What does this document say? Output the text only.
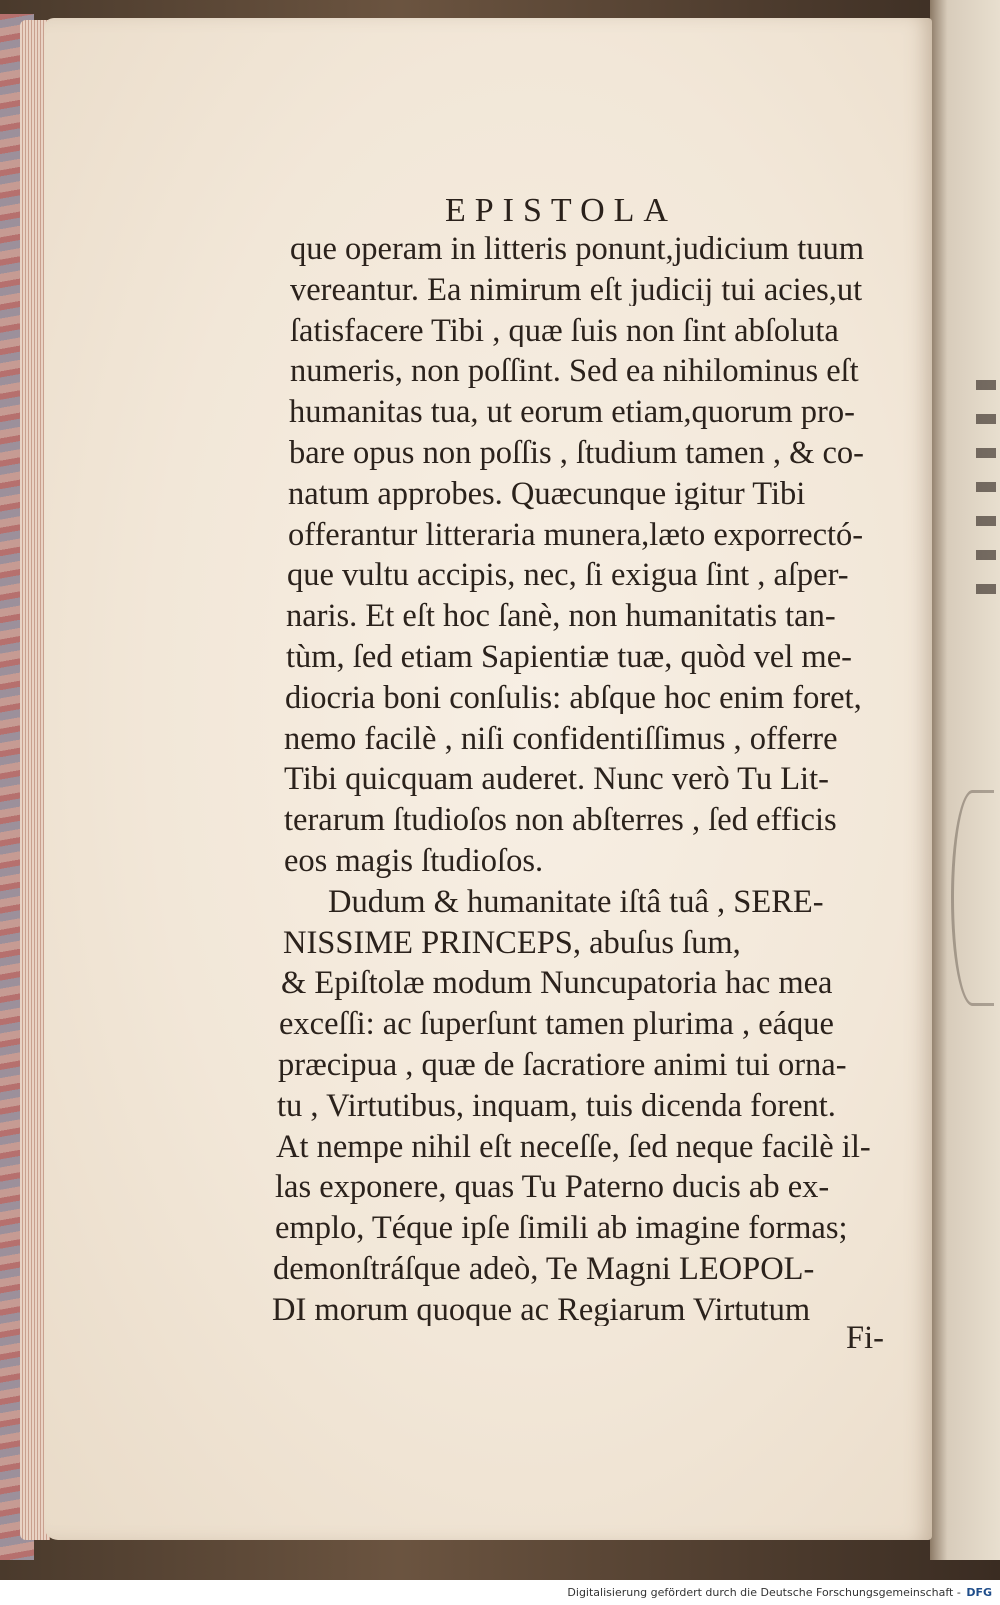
EPISTOLA
que operam in litteris ponunt,judicium tuum
vereantur. Ea nimirum eſt judicij tui acies,ut
ſatisfacere Tibi , quæ ſuis non ſint abſoluta
numeris, non poſſint. Sed ea nihilominus eſt
humanitas tua, ut eorum etiam,quorum pro-
bare opus non poſſis , ſtudium tamen , & co-
natum approbes. Quæcunque igitur Tibi
offerantur litteraria munera,læto exporrectó-
que vultu accipis, nec, ſi exigua ſint , aſper-
naris. Et eſt hoc ſanè, non humanitatis tan-
tùm, ſed etiam Sapientiæ tuæ, quòd vel me-
diocria boni conſulis: abſque hoc enim foret,
nemo facilè , niſi confidentiſſimus , offerre
Tibi quicquam auderet. Nunc verò Tu Lit-
terarum ſtudioſos non abſterres , ſed efficis
eos magis ſtudioſos.
Dudum & humanitate iſtâ tuâ , SERE-
NISSIME PRINCEPS, abuſus ſum,
& Epiſtolæ modum Nuncupatoria hac mea
exceſſi: ac ſuperſunt tamen plurima , eáque
præcipua , quæ de ſacratiore animi tui orna-
tu , Virtutibus, inquam, tuis dicenda forent.
At nempe nihil eſt neceſſe, ſed neque facilè il-
las exponere, quas Tu Paterno ducis ab ex-
emplo, Téque ipſe ſimili ab imagine formas;
demonſtráſque adeò, Te Magni LEOPOL-
DI morum quoque ac Regiarum Virtutum
Fi-
Digitalisierung gefördert durch die Deutsche Forschungsgemeinschaft - DFG
